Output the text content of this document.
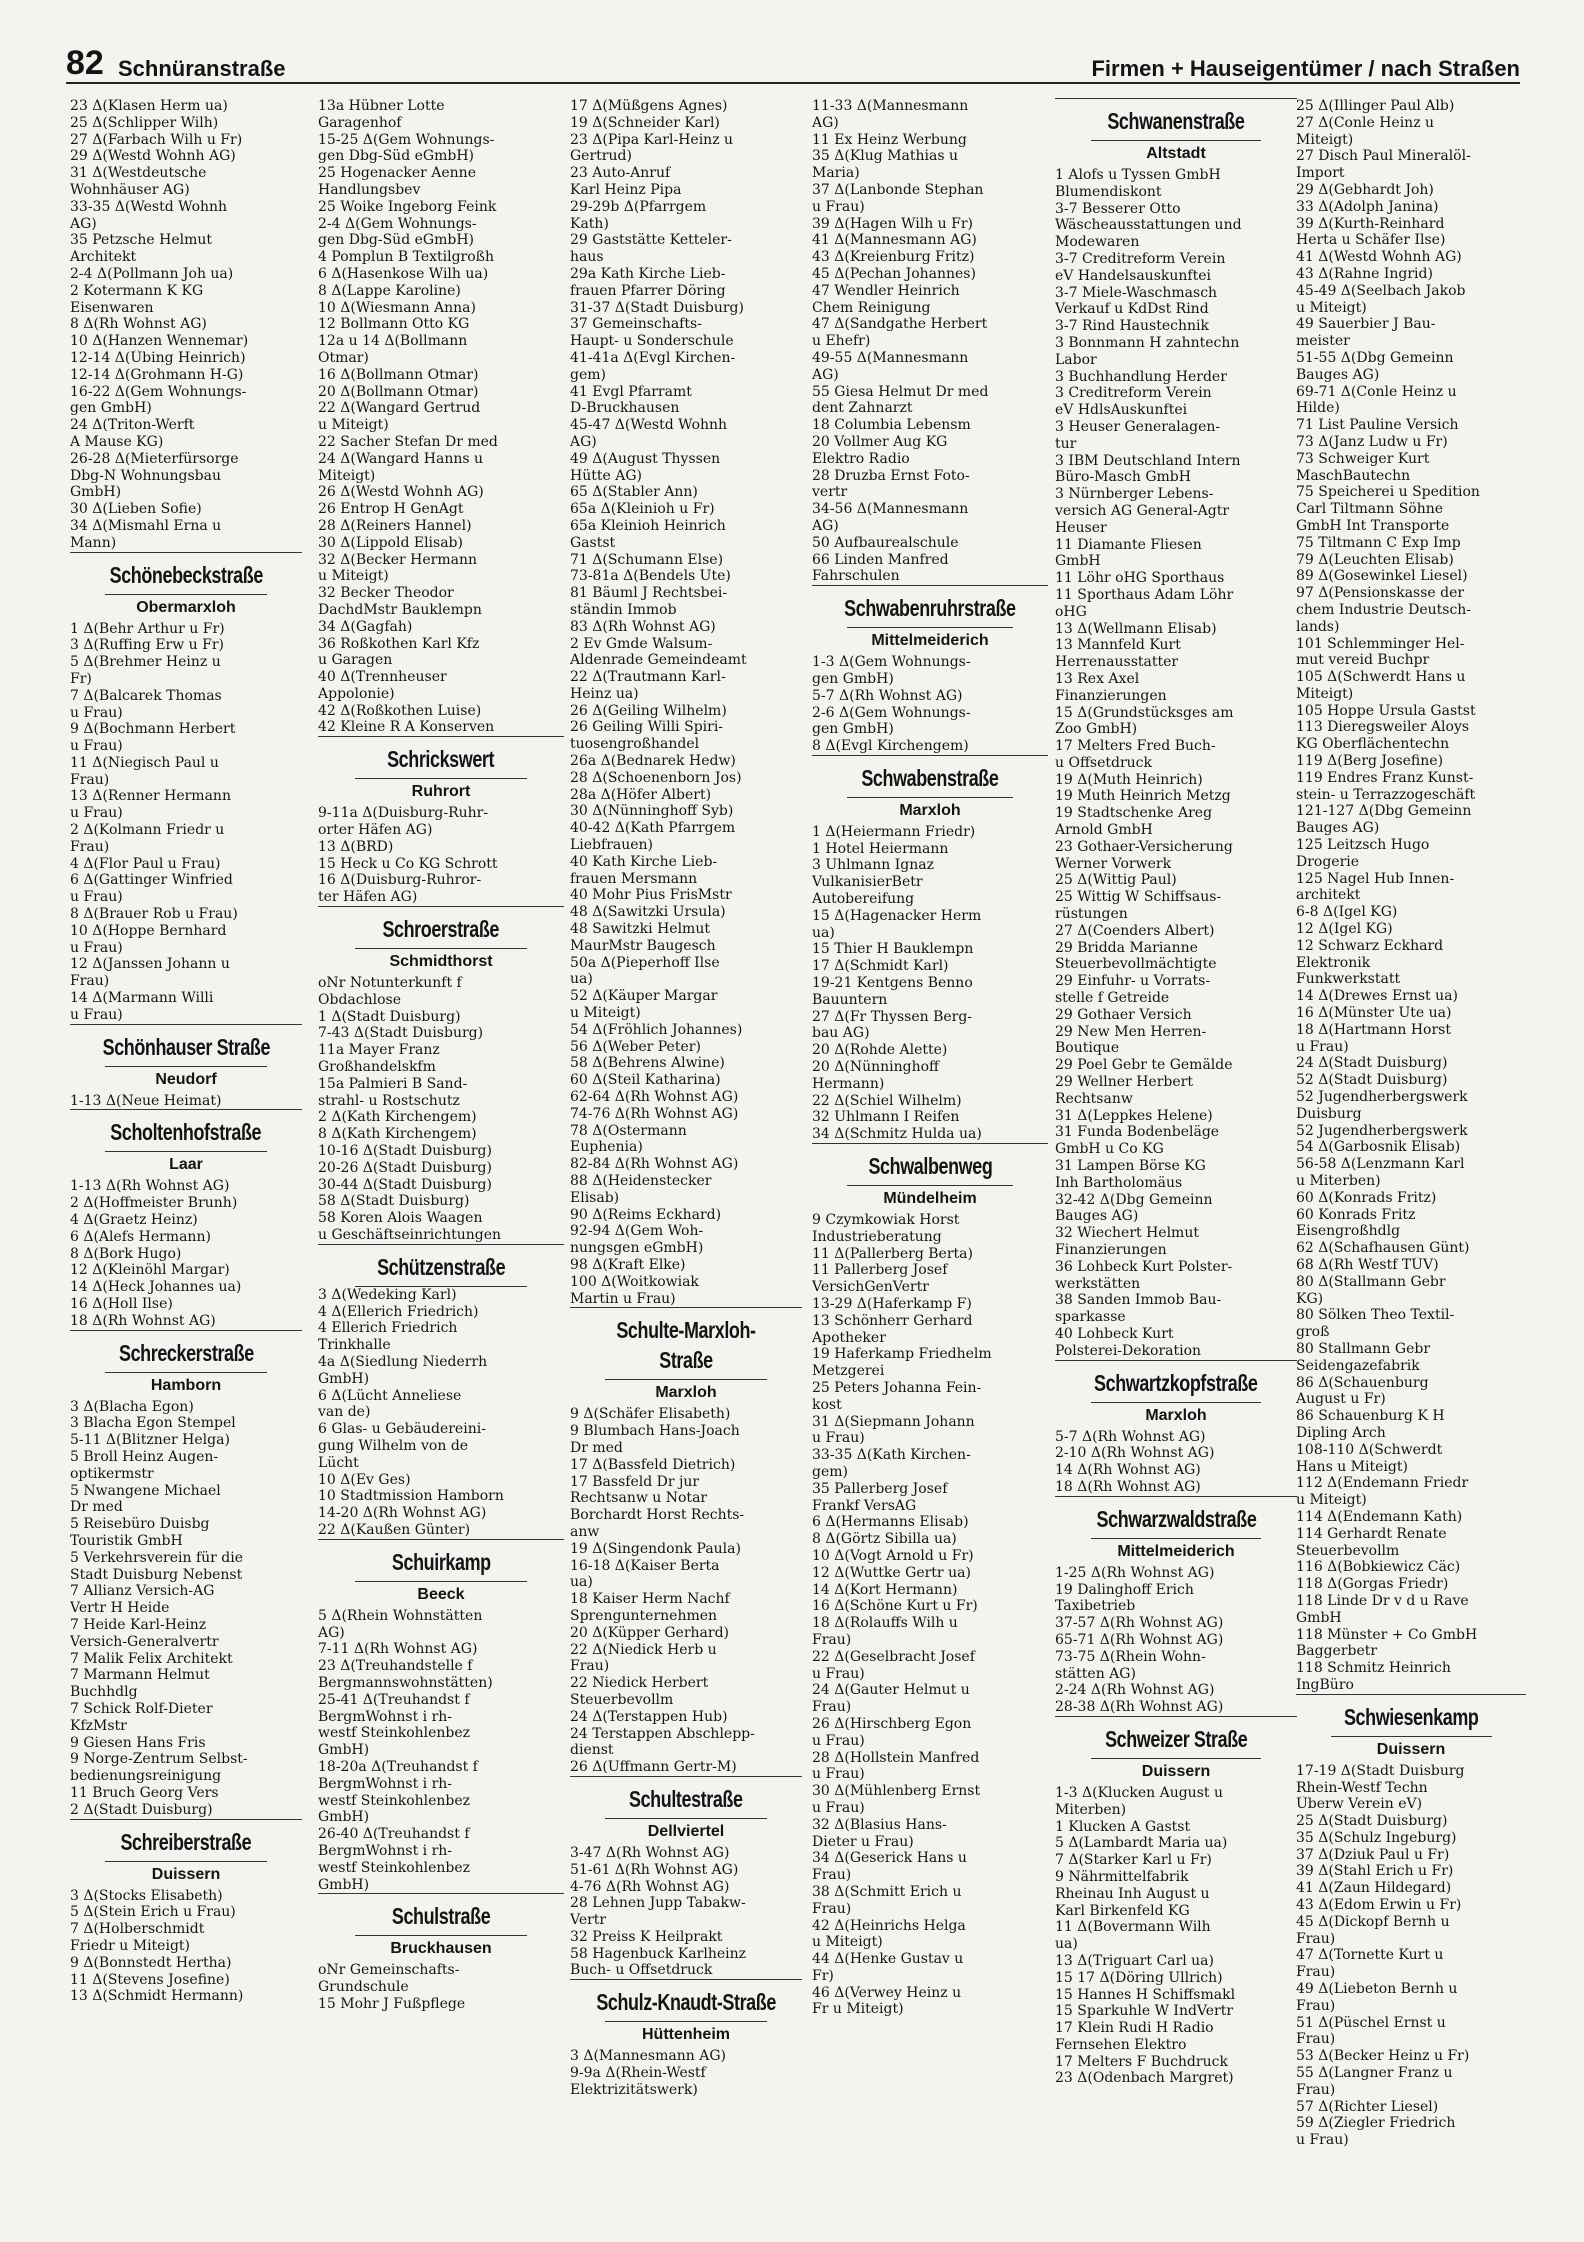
82 Schnüranstraße	Firmen + Hauseigentümer / nach Straßen
23 Δ(Klasen Herm ua)
25 Δ(Schlipper Wilh)
27 Δ(Farbach Wilh u Fr)
29 Δ(Westd Wohnh AG)
31 Δ(Westdeutsche
Wohnhäuser AG)
33-35 Δ(Westd Wohnh
AG)
35 Petzsche Helmut
Architekt
2-4 Δ(Pollmann Joh ua)
2 Kotermann K KG
Eisenwaren
8 Δ(Rh Wohnst AG)
10 Δ(Hanzen Wennemar)
12-14 Δ(Übing Heinrich)
12-14 Δ(Grohmann H-G)
16-22 Δ(Gem Wohnungs-
gen GmbH)
24 Δ(Triton-Werft
A Mause KG)
26-28 Δ(Mieterfürsorge
Dbg-N Wohnungsbau
GmbH)
30 Δ(Lieben Sofie)
34 Δ(Mismahl Erna u
Mann)
Schönebeckstraße
Obermarxloh
1 Δ(Behr Arthur u Fr)
3 Δ(Ruffing Erw u Fr)
5 Δ(Brehmer Heinz u
Fr)
7 Δ(Balcarek Thomas
u Frau)
9 Δ(Bochmann Herbert
u Frau)
11 Δ(Niegisch Paul u
Frau)
13 Δ(Renner Hermann
u Frau)
2 Δ(Kolmann Friedr u
Frau)
4 Δ(Flor Paul u Frau)
6 Δ(Gattinger Winfried
u Frau)
8 Δ(Brauer Rob u Frau)
10 Δ(Hoppe Bernhard
u Frau)
12 Δ(Janssen Johann u
Frau)
14 Δ(Marmann Willi
u Frau)
Schönhauser Straße
Neudorf
1-13 Δ(Neue Heimat)
Scholtenhofstraße
Laar
1-13 Δ(Rh Wohnst AG)
2 Δ(Hoffmeister Brunh)
4 Δ(Graetz Heinz)
6 Δ(Alefs Hermann)
8 Δ(Bork Hugo)
12 Δ(Kleinöhl Margar)
14 Δ(Heck Johannes ua)
16 Δ(Holl Ilse)
18 Δ(Rh Wohnst AG)
Schreckerstraße
Hamborn
3 Δ(Blacha Egon)
3 Blacha Egon Stempel
5-11 Δ(Blitzner Helga)
5 Broll Heinz Augen-
optikermstr
5 Nwangene Michael
Dr med
5 Reisebüro Duisbg
Touristik GmbH
5 Verkehrsverein für die
Stadt Duisburg Nebenst
7 Allianz Versich-AG
Vertr H Heide
7 Heide Karl-Heinz
Versich-Generalvertr
7 Malik Felix Architekt
7 Marmann Helmut
Buchhdlg
7 Schick Rolf-Dieter
KfzMstr
9 Giesen Hans Fris
9 Norge-Zentrum Selbst-
bedienungsreinigung
11 Bruch Georg Vers
2 Δ(Stadt Duisburg)
Schreiberstraße
Duissern
3 Δ(Stocks Elisabeth)
5 Δ(Stein Erich u Frau)
7 Δ(Holberschmidt
Friedr u Miteigt)
9 Δ(Bonnstedt Hertha)
11 Δ(Stevens Josefine)
13 Δ(Schmidt Hermann)
13a Hübner Lotte
Garagenhof
15-25 Δ(Gem Wohnungs-
gen Dbg-Süd eGmbH)
25 Hogenacker Aenne
Handlungsbev
25 Woike Ingeborg Feink
2-4 Δ(Gem Wohnungs-
gen Dbg-Süd eGmbH)
4 Pomplun B Textilgroßh
6 Δ(Hasenkose Wilh ua)
8 Δ(Lappe Karoline)
10 Δ(Wiesmann Anna)
12 Bollmann Otto KG
12a u 14 Δ(Bollmann
Otmar)
16 Δ(Bollmann Otmar)
20 Δ(Bollmann Otmar)
22 Δ(Wangard Gertrud
u Miteigt)
22 Sacher Stefan Dr med
24 Δ(Wangard Hanns u
Miteigt)
26 Δ(Westd Wohnh AG)
26 Entrop H GenAgt
28 Δ(Reiners Hannel)
30 Δ(Lippold Elisab)
32 Δ(Becker Hermann
u Miteigt)
32 Becker Theodor
DachdMstr Bauklempn
34 Δ(Gagfah)
36 Roßkothen Karl Kfz
u Garagen
40 Δ(Trennheuser
Appolonie)
42 Δ(Roßkothen Luise)
42 Kleine R A Konserven
Schrickswert
Ruhrort
9-11a Δ(Duisburg-Ruhr-
orter Häfen AG)
13 Δ(BRD)
15 Heck u Co KG Schrott
16 Δ(Duisburg-Ruhror-
ter Häfen AG)
Schroerstraße
Schmidthorst
oNr Notunterkunft f
Obdachlose
1 Δ(Stadt Duisburg)
7-43 Δ(Stadt Duisburg)
11a Mayer Franz
Großhandelskfm
15a Palmieri B Sand-
strahl- u Rostschutz
2 Δ(Kath Kirchengem)
8 Δ(Kath Kirchengem)
10-16 Δ(Stadt Duisburg)
20-26 Δ(Stadt Duisburg)
30-44 Δ(Stadt Duisburg)
58 Δ(Stadt Duisburg)
58 Koren Alois Waagen
u Geschäftseinrichtungen
Schützenstraße
3 Δ(Wedeking Karl)
4 Δ(Ellerich Friedrich)
4 Ellerich Friedrich
Trinkhalle
4a Δ(Siedlung Niederrh
GmbH)
6 Δ(Lücht Anneliese
van de)
6 Glas- u Gebäudereini-
gung Wilhelm von de
Lücht
10 Δ(Ev Ges)
10 Stadtmission Hamborn
14-20 Δ(Rh Wohnst AG)
22 Δ(Kaußen Günter)
Schuirkamp
Beeck
5 Δ(Rhein Wohnstätten
AG)
7-11 Δ(Rh Wohnst AG)
23 Δ(Treuhandstelle f
Bergmannswohnstätten)
25-41 Δ(Treuhandst f
BergmWohnst i rh-
westf Steinkohlenbez
GmbH)
18-20a Δ(Treuhandst f
BergmWohnst i rh-
westf Steinkohlenbez
GmbH)
26-40 Δ(Treuhandst f
BergmWohnst i rh-
westf Steinkohlenbez
GmbH)
Schulstraße
Bruckhausen
oNr Gemeinschafts-
Grundschule
15 Mohr J Fußpflege
17 Δ(Müßgens Agnes)
19 Δ(Schneider Karl)
23 Δ(Pipa Karl-Heinz u
Gertrud)
23 Auto-Anruf
Karl Heinz Pipa
29-29b Δ(Pfarrgem
Kath)
29 Gaststätte Ketteler-
haus
29a Kath Kirche Lieb-
frauen Pfarrer Döring
31-37 Δ(Stadt Duisburg)
37 Gemeinschafts-
Haupt- u Sonderschule
41-41a Δ(Evgl Kirchen-
gem)
41 Evgl Pfarramt
D-Bruckhausen
45-47 Δ(Westd Wohnh
AG)
49 Δ(August Thyssen
Hütte AG)
65 Δ(Stabler Ann)
65a Δ(Kleinioh u Fr)
65a Kleinioh Heinrich
Gastst
71 Δ(Schumann Else)
73-81a Δ(Bendels Ute)
81 Bäuml J Rechtsbei-
ständin Immob
83 Δ(Rh Wohnst AG)
2 Ev Gmde Walsum-
Aldenrade Gemeindeamt
22 Δ(Trautmann Karl-
Heinz ua)
26 Δ(Geiling Wilhelm)
26 Geiling Willi Spiri-
tuosengroßhandel
26a Δ(Bednarek Hedw)
28 Δ(Schoenenborn Jos)
28a Δ(Höfer Albert)
30 Δ(Nünninghoff Syb)
40-42 Δ(Kath Pfarrgem
Liebfrauen)
40 Kath Kirche Lieb-
frauen Mersmann
40 Mohr Pius FrisMstr
48 Δ(Sawitzki Ursula)
48 Sawitzki Helmut
MaurMstr Baugesch
50a Δ(Pieperhoff Ilse
ua)
52 Δ(Käuper Margar
u Miteigt)
54 Δ(Fröhlich Johannes)
56 Δ(Weber Peter)
58 Δ(Behrens Alwine)
60 Δ(Steil Katharina)
62-64 Δ(Rh Wohnst AG)
74-76 Δ(Rh Wohnst AG)
78 Δ(Ostermann
Euphenia)
82-84 Δ(Rh Wohnst AG)
88 Δ(Heidenstecker
Elisab)
90 Δ(Reims Eckhard)
92-94 Δ(Gem Woh-
nungsgen eGmbH)
98 Δ(Kraft Elke)
100 Δ(Woitkowiak
Martin u Frau)
Schulte-Marxloh-Straße
Marxloh
9 Δ(Schäfer Elisabeth)
9 Blumbach Hans-Joach
Dr med
17 Δ(Bassfeld Dietrich)
17 Bassfeld Dr jur
Rechtsanw u Notar
Borchardt Horst Rechts-
anw
19 Δ(Singendonk Paula)
16-18 Δ(Kaiser Berta
ua)
18 Kaiser Herm Nachf
Sprengunternehmen
20 Δ(Küpper Gerhard)
22 Δ(Niedick Herb u
Frau)
22 Niedick Herbert
Steuerbevollm
24 Δ(Terstappen Hub)
24 Terstappen Abschlepp-
dienst
26 Δ(Uffmann Gertr-M)
Schultestraße
Dellviertel
3-47 Δ(Rh Wohnst AG)
51-61 Δ(Rh Wohnst AG)
4-76 Δ(Rh Wohnst AG)
28 Lehnen Jupp Tabakw-
Vertr
32 Preiss K Heilprakt
58 Hagenbuck Karlheinz
Buch- u Offsetdruck
Schulz-Knaudt-Straße
Hüttenheim
3 Δ(Mannesmann AG)
9-9a Δ(Rhein-Westf
Elektrizitätswerk)
11-33 Δ(Mannesmann
AG)
11 Ex Heinz Werbung
35 Δ(Klug Mathias u
Maria)
37 Δ(Lanbonde Stephan
u Frau)
39 Δ(Hagen Wilh u Fr)
41 Δ(Mannesmann AG)
43 Δ(Kreienburg Fritz)
45 Δ(Pechan Johannes)
47 Wendler Heinrich
Chem Reinigung
47 Δ(Sandgathe Herbert
u Ehefr)
49-55 Δ(Mannesmann
AG)
55 Giesa Helmut Dr med
dent Zahnarzt
18 Columbia Lebensm
20 Vollmer Aug KG
Elektro Radio
28 Druzba Ernst Foto-
vertr
34-56 Δ(Mannesmann
AG)
50 Aufbaurealschule
66 Linden Manfred
Fahrschulen
Schwabenruhrstraße
Mittelmeiderich
1-3 Δ(Gem Wohnungs-
gen GmbH)
5-7 Δ(Rh Wohnst AG)
2-6 Δ(Gem Wohnungs-
gen GmbH)
8 Δ(Evgl Kirchengem)
Schwabenstraße
Marxloh
1 Δ(Heiermann Friedr)
1 Hotel Heiermann
3 Uhlmann Ignaz
VulkanisierBetr
Autobereifung
15 Δ(Hagenacker Herm
ua)
15 Thier H Bauklempn
17 Δ(Schmidt Karl)
19-21 Kentgens Benno
Bauuntern
27 Δ(Fr Thyssen Berg-
bau AG)
20 Δ(Rohde Alette)
20 Δ(Nünninghoff
Hermann)
22 Δ(Schiel Wilhelm)
32 Uhlmann I Reifen
34 Δ(Schmitz Hulda ua)
Schwalbenweg
Mündelheim
9 Czymkowiak Horst
Industrieberatung
11 Δ(Pallerberg Berta)
11 Pallerberg Josef
VersichGenVertr
13-29 Δ(Haferkamp F)
13 Schönherr Gerhard
Apotheker
19 Haferkamp Friedhelm
Metzgerei
25 Peters Johanna Fein-
kost
31 Δ(Siepmann Johann
u Frau)
33-35 Δ(Kath Kirchen-
gem)
35 Pallerberg Josef
Frankf VersAG
6 Δ(Hermanns Elisab)
8 Δ(Görtz Sibilla ua)
10 Δ(Vogt Arnold u Fr)
12 Δ(Wuttke Gertr ua)
14 Δ(Kort Hermann)
16 Δ(Schöne Kurt u Fr)
18 Δ(Rolauffs Wilh u
Frau)
22 Δ(Geselbracht Josef
u Frau)
24 Δ(Gauter Helmut u
Frau)
26 Δ(Hirschberg Egon
u Frau)
28 Δ(Hollstein Manfred
u Frau)
30 Δ(Mühlenberg Ernst
u Frau)
32 Δ(Blasius Hans-
Dieter u Frau)
34 Δ(Geserick Hans u
Frau)
38 Δ(Schmitt Erich u
Frau)
42 Δ(Heinrichs Helga
u Miteigt)
44 Δ(Henke Gustav u
Fr)
46 Δ(Verwey Heinz u
Fr u Miteigt)
Schwanenstraße
Altstadt
1 Alofs u Tyssen GmbH
Blumendiskont
3-7 Besserer Otto
Wäscheausstattungen und
Modewaren
3-7 Creditreform Verein
eV Handelsauskunftei
3-7 Miele-Waschmasch
Verkauf u KdDst Rind
3-7 Rind Haustechnik
3 Bonnmann H zahntechn
Labor
3 Buchhandlung Herder
3 Creditreform Verein
eV HdlsAuskunftei
3 Heuser Generalagen-
tur
3 IBM Deutschland Intern
Büro-Masch GmbH
3 Nürnberger Lebens-
versich AG General-Agtr
Heuser
11 Diamante Fliesen
GmbH
11 Löhr oHG Sporthaus
11 Sporthaus Adam Löhr
oHG
13 Δ(Wellmann Elisab)
13 Mannfeld Kurt
Herrenausstatter
13 Rex Axel
Finanzierungen
15 Δ(Grundstücksges am
Zoo GmbH)
17 Melters Fred Buch-
u Offsetdruck
19 Δ(Muth Heinrich)
19 Muth Heinrich Metzg
19 Stadtschenke Areg
Arnold GmbH
23 Gothaer-Versicherung
Werner Vorwerk
25 Δ(Wittig Paul)
25 Wittig W Schiffsaus-
rüstungen
27 Δ(Coenders Albert)
29 Bridda Marianne
Steuerbevollmächtigte
29 Einfuhr- u Vorrats-
stelle f Getreide
29 Gothaer Versich
29 New Men Herren-
Boutique
29 Poel Gebr te Gemälde
29 Wellner Herbert
Rechtsanw
31 Δ(Leppkes Helene)
31 Funda Bodenbeläge
GmbH u Co KG
31 Lampen Börse KG
Inh Bartholomäus
32-42 Δ(Dbg Gemeinn
Bauges AG)
32 Wiechert Helmut
Finanzierungen
36 Lohbeck Kurt Polster-
werkstätten
38 Sanden Immob Bau-
sparkasse
40 Lohbeck Kurt
Polsterei-Dekoration
Schwartzkopfstraße
Marxloh
5-7 Δ(Rh Wohnst AG)
2-10 Δ(Rh Wohnst AG)
14 Δ(Rh Wohnst AG)
18 Δ(Rh Wohnst AG)
Schwarzwaldstraße
Mittelmeiderich
1-25 Δ(Rh Wohnst AG)
19 Dalinghoff Erich
Taxibetrieb
37-57 Δ(Rh Wohnst AG)
65-71 Δ(Rh Wohnst AG)
73-75 Δ(Rhein Wohn-
stätten AG)
2-24 Δ(Rh Wohnst AG)
28-38 Δ(Rh Wohnst AG)
Schweizer Straße
Duissern
1-3 Δ(Klucken August u
Miterben)
1 Klucken A Gastst
5 Δ(Lambardt Maria ua)
7 Δ(Starker Karl u Fr)
9 Nährmittelfabrik
Rheinau Inh August u
Karl Birkenfeld KG
11 Δ(Bovermann Wilh
ua)
13 Δ(Triguart Carl ua)
15 17 Δ(Döring Ullrich)
15 Hannes H Schiffsmakl
15 Sparkuhle W IndVertr
17 Klein Rudi H Radio
Fernsehen Elektro
17 Melters F Buchdruck
23 Δ(Odenbach Margret)
25 Δ(Illinger Paul Alb)
27 Δ(Conle Heinz u
Miteigt)
27 Disch Paul Mineralöl-
Import
29 Δ(Gebhardt Joh)
33 Δ(Adolph Janina)
39 Δ(Kurth-Reinhard
Herta u Schäfer Ilse)
41 Δ(Westd Wohnh AG)
43 Δ(Rahne Ingrid)
45-49 Δ(Seelbach Jakob
u Miteigt)
49 Sauerbier J Bau-
meister
51-55 Δ(Dbg Gemeinn
Bauges AG)
69-71 Δ(Conle Heinz u
Hilde)
71 List Pauline Versich
73 Δ(Janz Ludw u Fr)
73 Schweiger Kurt
MaschBautechn
75 Speicherei u Spedition
Carl Tiltmann Söhne
GmbH Int Transporte
75 Tiltmann C Exp Imp
79 Δ(Leuchten Elisab)
89 Δ(Gosewinkel Liesel)
97 Δ(Pensionskasse der
chem Industrie Deutsch-
lands)
101 Schlemminger Hel-
mut vereid Buchpr
105 Δ(Schwerdt Hans u
Miteigt)
105 Hoppe Ursula Gastst
113 Dieregsweiler Aloys
KG Oberflächentechn
119 Δ(Berg Josefine)
119 Endres Franz Kunst-
stein- u Terrazzogeschäft
121-127 Δ(Dbg Gemeinn
Bauges AG)
125 Leitzsch Hugo
Drogerie
125 Nagel Hub Innen-
architekt
6-8 Δ(Igel KG)
12 Δ(Igel KG)
12 Schwarz Eckhard
Elektronik
Funkwerkstatt
14 Δ(Drewes Ernst ua)
16 Δ(Münster Ute ua)
18 Δ(Hartmann Horst
u Frau)
24 Δ(Stadt Duisburg)
52 Δ(Stadt Duisburg)
52 Jugendherbergswerk
Duisburg
52 Jugendherbergswerk
54 Δ(Garbosnik Elisab)
56-58 Δ(Lenzmann Karl
u Miterben)
60 Δ(Konrads Fritz)
60 Konrads Fritz
Eisengroßhdlg
62 Δ(Schafhausen Günt)
68 Δ(Rh Westf TÜV)
80 Δ(Stallmann Gebr
KG)
80 Sölken Theo Textil-
groß
80 Stallmann Gebr
Seidengazefabrik
86 Δ(Schauenburg
August u Fr)
86 Schauenburg K H
Dipling Arch
108-110 Δ(Schwerdt
Hans u Miteigt)
112 Δ(Endemann Friedr
u Miteigt)
114 Δ(Endemann Kath)
114 Gerhardt Renate
Steuerbevollm
116 Δ(Bobkiewicz Cäc)
118 Δ(Gorgas Friedr)
118 Linde Dr v d u Rave
GmbH
118 Münster + Co GmbH
Baggerbetr
118 Schmitz Heinrich
IngBüro
Schwiesenkamp
Duissern
17-19 Δ(Stadt Duisburg
Rhein-Westf Techn
Überw Verein eV)
25 Δ(Stadt Duisburg)
35 Δ(Schulz Ingeburg)
37 Δ(Dziuk Paul u Fr)
39 Δ(Stahl Erich u Fr)
41 Δ(Zaun Hildegard)
43 Δ(Edom Erwin u Fr)
45 Δ(Dickopf Bernh u
Frau)
47 Δ(Tornette Kurt u
Frau)
49 Δ(Liebeton Bernh u
Frau)
51 Δ(Püschel Ernst u
Frau)
53 Δ(Becker Heinz u Fr)
55 Δ(Langner Franz u
Frau)
57 Δ(Richter Liesel)
59 Δ(Ziegler Friedrich
u Frau)
